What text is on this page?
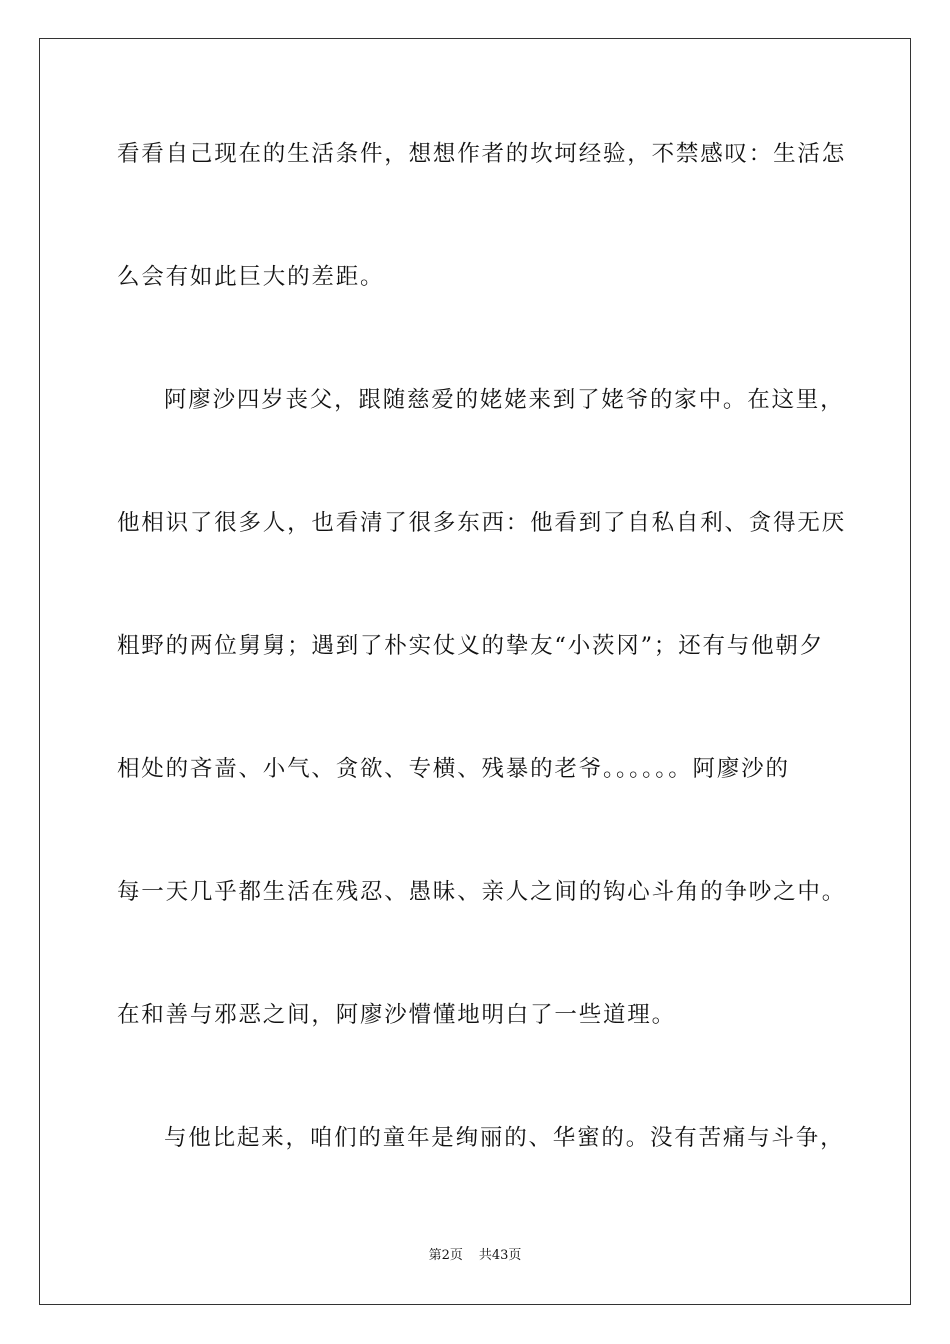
看看自己现在的生活条件，想想作者的坎坷经验，不禁感叹：生活怎
么会有如此巨大的差距。
阿廖沙四岁丧父，跟随慈爱的姥姥来到了姥爷的家中。在这里，
他相识了很多人，也看清了很多东西：他看到了自私自利、贪得无厌
粗野的两位舅舅；遇到了朴实仗义的挚友“小茨冈”；还有与他朝夕
相处的吝啬、小气、贪欲、专横、残暴的老爷。。。。。。阿廖沙的
每一天几乎都生活在残忍、愚昧、亲人之间的钩心斗角的争吵之中。
在和善与邪恶之间，阿廖沙懵懂地明白了一些道理。
与他比起来，咱们的童年是绚丽的、华蜜的。没有苦痛与斗争，
第2页 共43页
